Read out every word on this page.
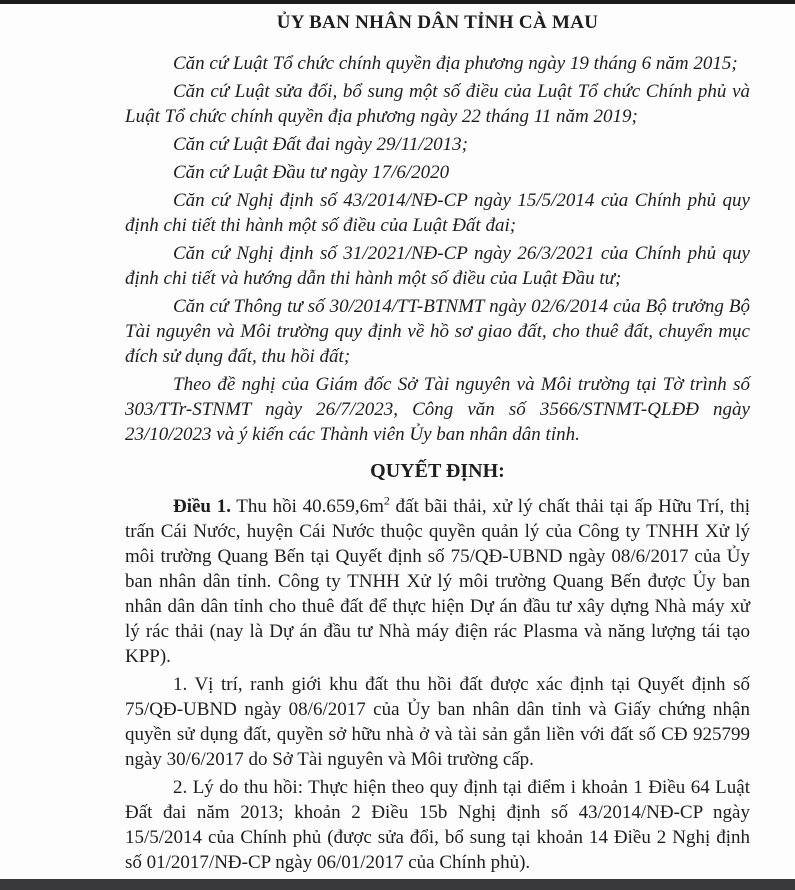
ỦY BAN NHÂN DÂN TỈNH CÀ MAU

Căn cứ Luật Tổ chức chính quyền địa phương ngày 19 tháng 6 năm 2015;

Căn cứ Luật sửa đổi, bổ sung một số điều của Luật Tổ chức Chính phủ và Luật Tổ chức chính quyền địa phương ngày 22 tháng 11 năm 2019;

Căn cứ Luật Đất đai ngày 29/11/2013;

Căn cứ Luật Đầu tư ngày 17/6/2020

Căn cứ Nghị định số 43/2014/NĐ-CP ngày 15/5/2014 của Chính phủ quy định chi tiết thi hành một số điều của Luật Đất đai;

Căn cứ Nghị định số 31/2021/NĐ-CP ngày 26/3/2021 của Chính phủ quy định chi tiết và hướng dẫn thi hành một số điều của Luật Đầu tư;

Căn cứ Thông tư số 30/2014/TT-BTNMT ngày 02/6/2014 của Bộ trưởng Bộ Tài nguyên và Môi trường quy định về hồ sơ giao đất, cho thuê đất, chuyển mục đích sử dụng đất, thu hồi đất;

Theo đề nghị của Giám đốc Sở Tài nguyên và Môi trường tại Tờ trình số 303/TTr-STNMT ngày 26/7/2023, Công văn số 3566/STNMT-QLĐĐ ngày 23/10/2023 và ý kiến các Thành viên Ủy ban nhân dân tỉnh.

QUYẾT ĐỊNH:

Điều 1. Thu hồi $40.659,6m^2$ đất bãi thải, xử lý chất thải tại ấp Hữu Trí, thị trấn Cái Nước, huyện Cái Nước thuộc quyền quản lý của Công ty TNHH Xử lý môi trường Quang Bến tại Quyết định số 75/QĐ-UBND ngày 08/6/2017 của Ủy ban nhân dân tỉnh. Công ty TNHH Xử lý môi trường Quang Bến được Ủy ban nhân dân dân tỉnh cho thuê đất để thực hiện Dự án đầu tư xây dựng Nhà máy xử lý rác thải (nay là Dự án đầu tư Nhà máy điện rác Plasma và năng lượng tái tạo KPP).

1. Vị trí, ranh giới khu đất thu hồi đất được xác định tại Quyết định số 75/QĐ-UBND ngày 08/6/2017 của Ủy ban nhân dân tỉnh và Giấy chứng nhận quyền sử dụng đất, quyền sở hữu nhà ở và tài sản gắn liền với đất số CĐ 925799 ngày 30/6/2017 do Sở Tài nguyên và Môi trường cấp.

2. Lý do thu hồi: Thực hiện theo quy định tại điểm i khoản 1 Điều 64 Luật Đất đai năm 2013; khoản 2 Điều 15b Nghị định số 43/2014/NĐ-CP ngày 15/5/2014 của Chính phủ (được sửa đổi, bổ sung tại khoản 14 Điều 2 Nghị định số 01/2017/NĐ-CP ngày 06/01/2017 của Chính phủ).
